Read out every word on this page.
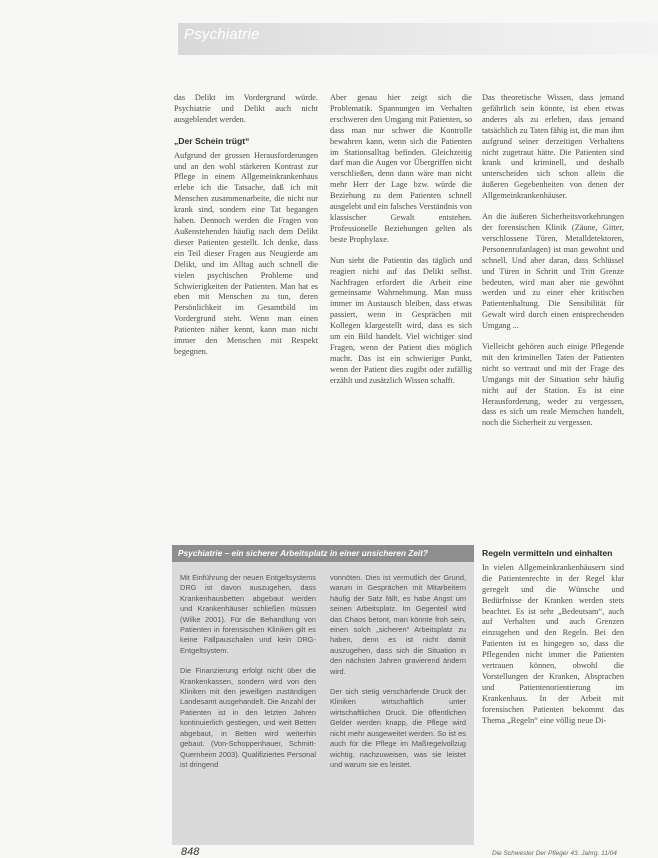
Psychiatrie

das Delikt im Vordergrund würde. Psychiatrie und Delikt auch nicht ausgeblendet werden.

„Der Schein trügt“

Aufgrund der grossen Herausforderungen und an den wohl stärkeren Kontrast zur Pflege in einem Allgemeinkrankenhaus erlebe ich die Tatsache, daß ich mit Menschen zusammenarbeite, die nicht nur krank sind, sondern eine Tat begangen haben. Dennoch werden die Fragen von Außenstehenden häufig nach dem Delikt dieser Patienten gestellt. Ich denke, dass ein Teil dieser Fragen aus Neugierde am Delikt, und im Alltag auch schnell die vielen psychischen Probleme und Schwierigkeiten der Patienten. Man hat es eben mit Menschen zu tun, deren Persönlichkeit im Gesamtbild im Vordergrund steht. Wenn man einen Patienten näher kennt, kann man nicht immer den Menschen mit Respekt begegnen.

Aber genau hier zeigt sich die Problematik. Spannungen im Verhalten erschweren den Umgang mit Patienten, so dass man nur schwer die Kontrolle bewahren kann, wenn sich die Patienten im Stationsalltag befinden. Gleichzeitig darf man die Augen vor Übergriffen nicht verschließen, denn dann wäre man nicht mehr Herr der Lage bzw. würde die Beziehung zu dem Patienten schnell ausgelebt und ein falsches Verständnis von klassischer Gewalt entstehen. Professionelle Beziehungen gelten als beste Prophylaxe.

Nun sieht die Patientin das täglich und reagiert nicht auf das Delikt selbst. Nachfragen erfordert die Arbeit eine gemeinsame Wahrnehmung. Man muss immer im Austausch bleiben, dass etwas passiert, wenn in Gesprächen mit Kollegen klargestellt wird, dass es sich um ein Bild handelt. Viel wichtiger sind Fragen, wenn der Patient dies möglich macht. Das ist ein schwieriger Punkt, wenn der Patient dies zugibt oder zufällig erzählt und zusätzlich Wissen schafft.

Das theoretische Wissen, dass jemand gefährlich sein könnte, ist eben etwas anderes als zu erleben, dass jemand tatsächlich zu Taten fähig ist, die man ihm aufgrund seiner derzeitigen Verhaltens nicht zugetraut hätte. Die Patienten sind krank und kriminell, und deshalb unterscheiden sich schon allein die äußeren Gegebenheiten von denen der Allgemeinkrankenhäuser.

An die äußeren Sicherheitsvorkehrungen der forensischen Klinik (Zäune, Gitter, verschlossene Türen, Metalldetektoren, Personenrufanlagen) ist man gewohnt und schnell. Und aber daran, dass Schlüssel und Türen in Schritt und Tritt Grenze bedeuten, wird man aber nie gewöhnt werden und zu einer eher kritischen Patientenhaltung. Die Sensibilität für Gewalt wird durch einen entsprechenden Umgang ...

Vielleicht gehören auch einige Pflegende mit den kriminellen Taten der Patienten nicht so vertraut und mit der Frage des Umgangs mit der Situation sehr häufig nicht auf der Station. Es ist eine Herausforderung, weder zu vergessen, dass es sich um reale Menschen handelt, noch die Sicherheit zu vergessen.

Psychiatrie – ein sicherer Arbeitsplatz in einer unsicheren Zeit?

Mit Einführung der neuen Entgeltsystems DRG ist davon auszugehen, dass Krankenhausbetten abgebaut werden und Krankenhäuser schließen müssen (Wilke 2001). Für die Behandlung von Patienten in forensischen Kliniken gilt es keine Fallpauschalen und kein DRG-Entgeltsystem.

Die Finanzierung erfolgt nicht über die Krankenkassen, sondern wird von den Kliniken mit den jeweiligen zuständigen Landesamt ausgehandelt. Die Anzahl der Patienten ist in den letzten Jahren kontinuierlich gestiegen, und weit Betten abgebaut, in Betten wird weiterhin gebaut. (Von-Schoppenhauer, Schmitt-Quernheim 2003). Qualifiziertes Personal ist dringend

vonnöten. Dies ist vermutlich der Grund, warum in Gesprächen mit Mitarbeitern häufig der Satz fällt, es habe Angst um seinen Arbeitsplatz. Im Gegenteil wird das Chaos betont, man könnte froh sein, einen solch „sicheren“ Arbeitsplatz zu haben, denn es ist nicht damit auszugehen, dass sich die Situation in den nächsten Jahren gravierend ändern wird.

Der sich stetig verschärfende Druck der Kliniken wirtschaftlich unter wirtschaftlichen Druck. Die öffentlichen Gelder werden knapp, die Pflege wird nicht mehr ausgeweitet werden. So ist es auch für die Pflege im Maßregelvollzug wichtig, nachzuweisen, was sie leistet und warum sie es leistet.

Regeln vermitteln und einhalten

In vielen Allgemeinkrankenhäusern sind die Patientenrechte in der Regel klar geregelt und die Wünsche und Bedürfnisse der Kranken werden stets beachtet. Es ist sehr „Bedeutsam“, auch auf Verhalten und auch Grenzen einzugehen und den Regeln. Bei den Patienten ist es hingegen so, dass die Pflegenden nicht immer die Patienten vertrauen können, obwohl die Vorstellungen der Kranken, Absprachen und Patientenorientierung im Krankenhaus. In der Arbeit mit forensischen Patienten bekommt das Thema „Regeln“ eine völlig neue Di-

848	Die Schwester Der Pfleger 43. Jahrg. 11/04
